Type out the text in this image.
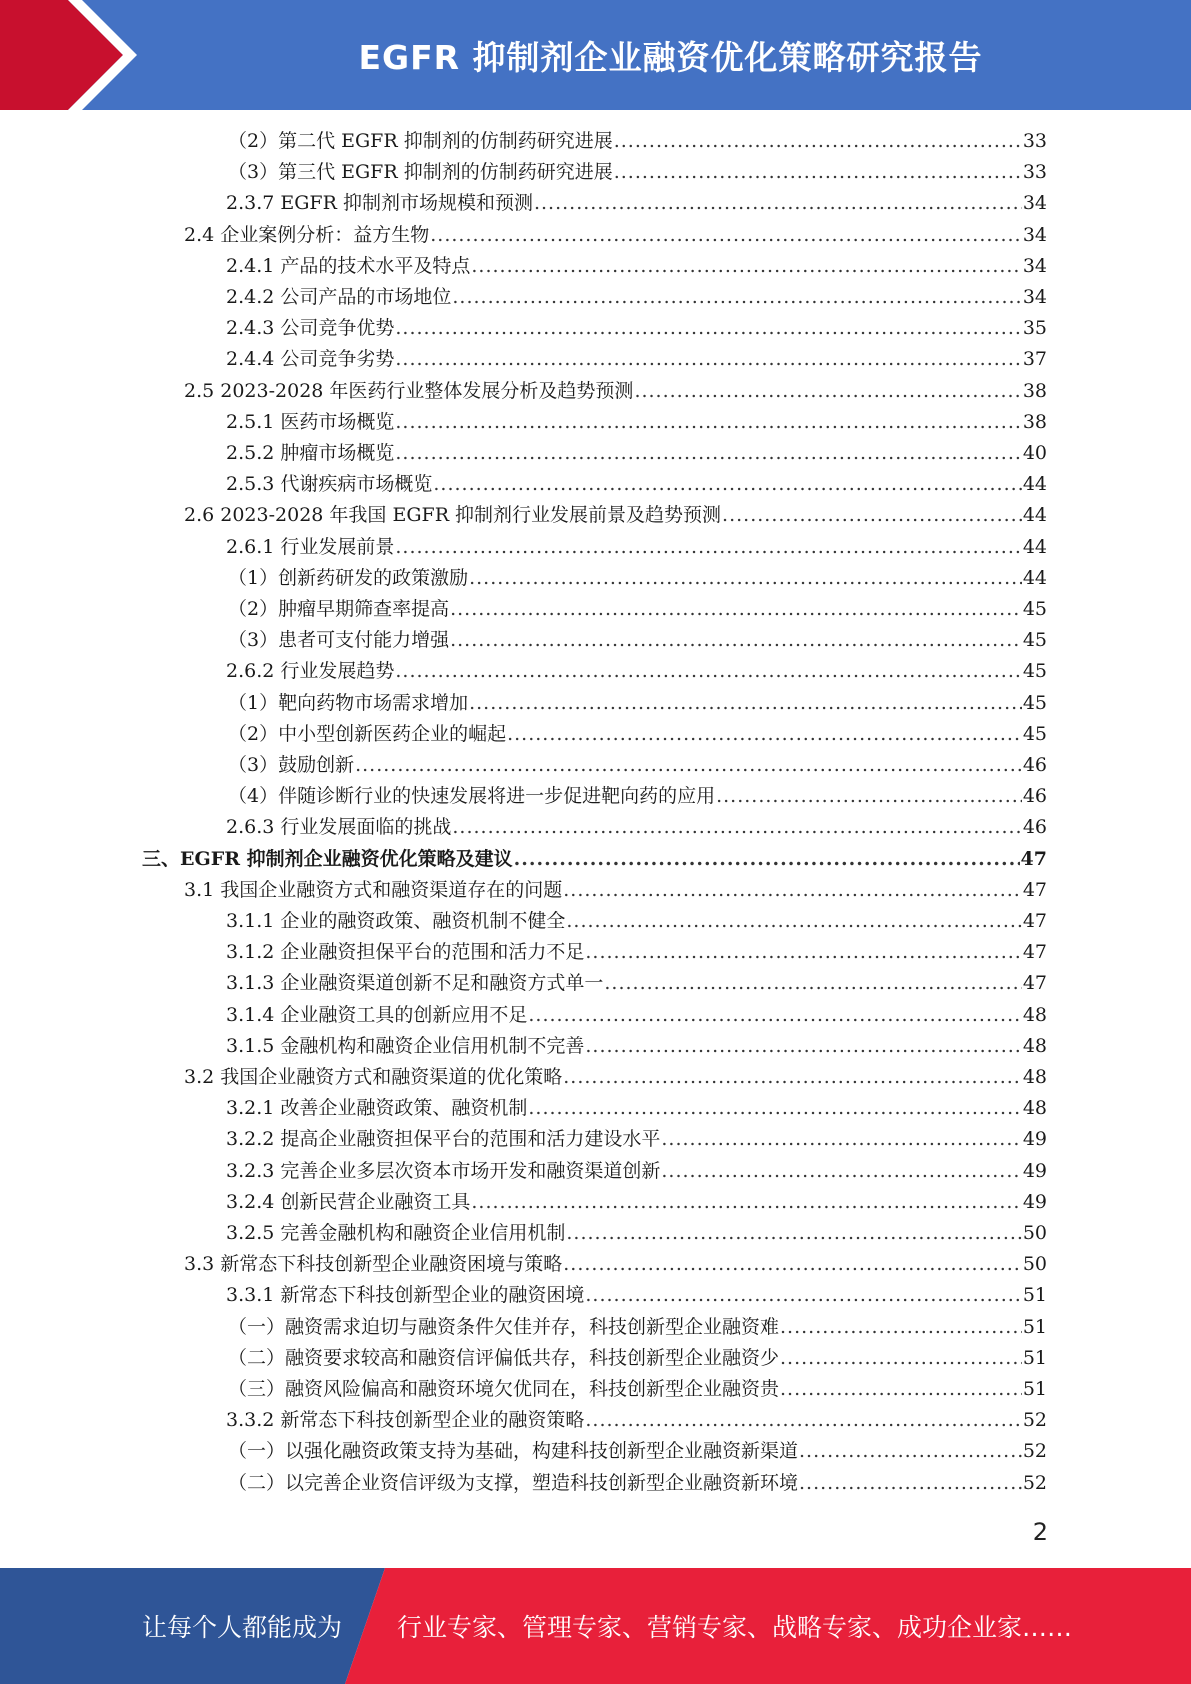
EGFR 抑制剂企业融资优化策略研究报告
（2）第二代 EGFR 抑制剂的仿制药研究进展 .....	33
（3）第三代 EGFR 抑制剂的仿制药研究进展 .....	33
2.3.7 EGFR 抑制剂市场规模和预测 .....	34
2.4 企业案例分析：益方生物 .....	34
2.4.1 产品的技术水平及特点 .....	34
2.4.2 公司产品的市场地位 .....	34
2.4.3 公司竞争优势 .....	35
2.4.4 公司竞争劣势 .....	37
2.5 2023-2028 年医药行业整体发展分析及趋势预测 .....	38
2.5.1 医药市场概览 .....	38
2.5.2 肿瘤市场概览 .....	40
2.5.3 代谢疾病市场概览 .....	44
2.6 2023-2028 年我国 EGFR 抑制剂行业发展前景及趋势预测 .....	44
2.6.1 行业发展前景 .....	44
（1）创新药研发的政策激励 .....	44
（2）肿瘤早期筛查率提高 .....	45
（3）患者可支付能力增强 .....	45
2.6.2 行业发展趋势 .....	45
（1）靶向药物市场需求增加 .....	45
（2）中小型创新医药企业的崛起 .....	45
（3）鼓励创新 .....	46
（4）伴随诊断行业的快速发展将进一步促进靶向药的应用 .....	46
2.6.3 行业发展面临的挑战 .....	46
三、EGFR 抑制剂企业融资优化策略及建议 .....	47
3.1 我国企业融资方式和融资渠道存在的问题 .....	47
3.1.1 企业的融资政策、融资机制不健全 .....	47
3.1.2 企业融资担保平台的范围和活力不足 .....	47
3.1.3 企业融资渠道创新不足和融资方式单一 .....	47
3.1.4 企业融资工具的创新应用不足 .....	48
3.1.5 金融机构和融资企业信用机制不完善 .....	48
3.2 我国企业融资方式和融资渠道的优化策略 .....	48
3.2.1 改善企业融资政策、融资机制 .....	48
3.2.2 提高企业融资担保平台的范围和活力建设水平 .....	49
3.2.3 完善企业多层次资本市场开发和融资渠道创新 .....	49
3.2.4 创新民营企业融资工具 .....	49
3.2.5 完善金融机构和融资企业信用机制 .....	50
3.3 新常态下科技创新型企业融资困境与策略 .....	50
3.3.1 新常态下科技创新型企业的融资困境 .....	51
（一）融资需求迫切与融资条件欠佳并存，科技创新型企业融资难 .....	51
（二）融资要求较高和融资信评偏低共存，科技创新型企业融资少 .....	51
（三）融资风险偏高和融资环境欠优同在，科技创新型企业融资贵 .....	51
3.3.2 新常态下科技创新型企业的融资策略 .....	52
（一）以强化融资政策支持为基础，构建科技创新型企业融资新渠道 .....	52
（二）以完善企业资信评级为支撑，塑造科技创新型企业融资新环境 .....	52
2
让每个人都能成为 行业专家、管理专家、营销专家、战略专家、成功企业家……
